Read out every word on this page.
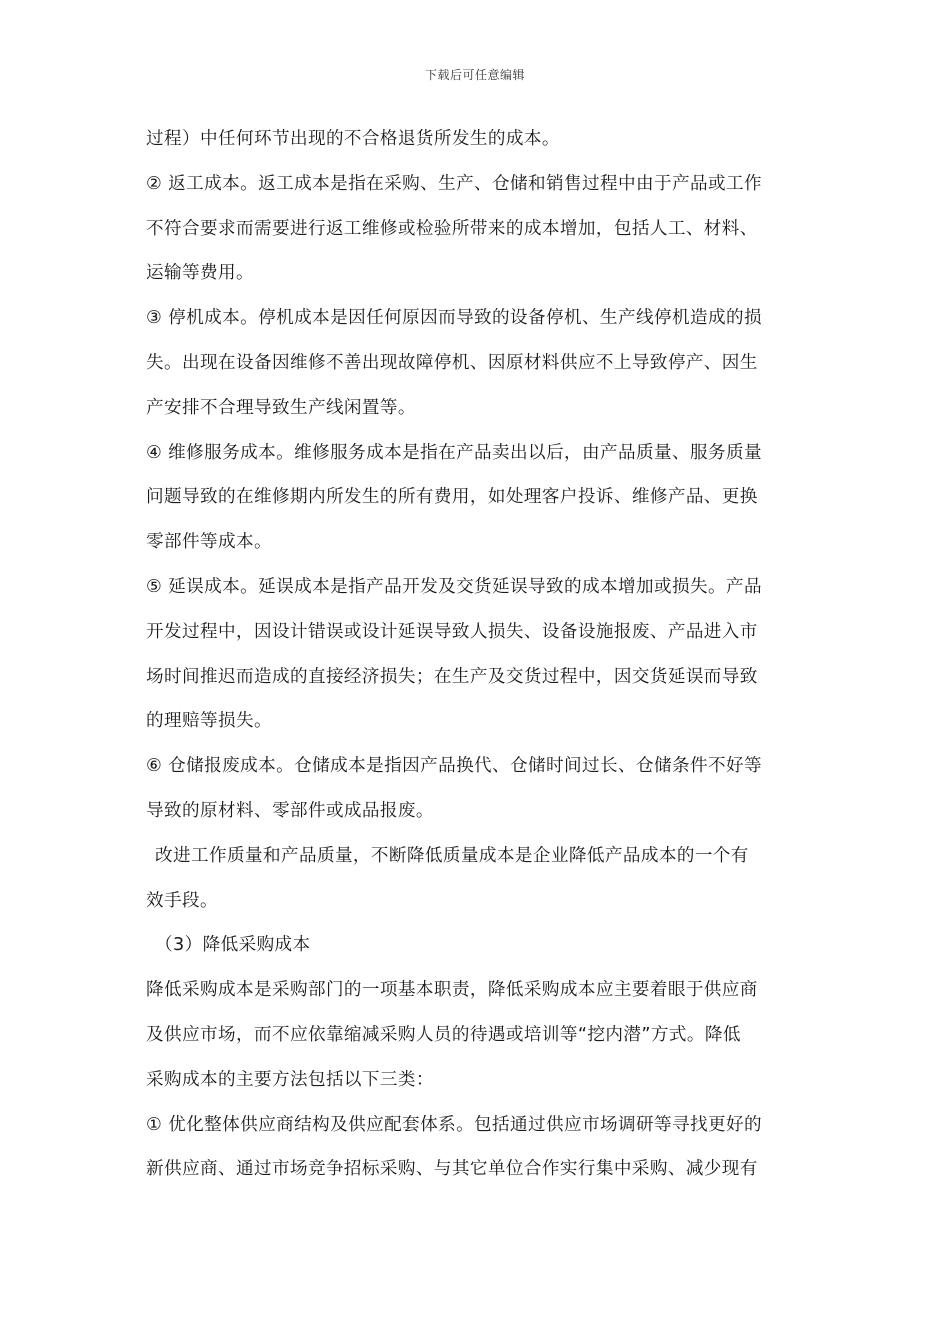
下载后可任意编辑
过程）中任何环节出现的不合格退货所发生的成本。
② 返工成本。返工成本是指在采购、生产、仓储和销售过程中由于产品或工作
不符合要求而需要进行返工维修或检验所带来的成本增加，包括人工、材料、
运输等费用。
③ 停机成本。停机成本是因任何原因而导致的设备停机、生产线停机造成的损
失。出现在设备因维修不善出现故障停机、因原材料供应不上导致停产、因生
产安排不合理导致生产线闲置等。
④ 维修服务成本。维修服务成本是指在产品卖出以后，由产品质量、服务质量
问题导致的在维修期内所发生的所有费用，如处理客户投诉、维修产品、更换
零部件等成本。
⑤ 延误成本。延误成本是指产品开发及交货延误导致的成本增加或损失。产品
开发过程中，因设计错误或设计延误导致人损失、设备设施报废、产品进入市
场时间推迟而造成的直接经济损失；在生产及交货过程中，因交货延误而导致
的理赔等损失。
⑥ 仓储报废成本。仓储成本是指因产品换代、仓储时间过长、仓储条件不好等
导致的原材料、零部件或成品报废。
改进工作质量和产品质量，不断降低质量成本是企业降低产品成本的一个有
效手段。
（3）降低采购成本
降低采购成本是采购部门的一项基本职责，降低采购成本应主要着眼于供应商
及供应市场，而不应依靠缩减采购人员的待遇或培训等“挖内潜”方式。降低
采购成本的主要方法包括以下三类：
① 优化整体供应商结构及供应配套体系。包括通过供应市场调研等寻找更好的
新供应商、通过市场竞争招标采购、与其它单位合作实行集中采购、减少现有
